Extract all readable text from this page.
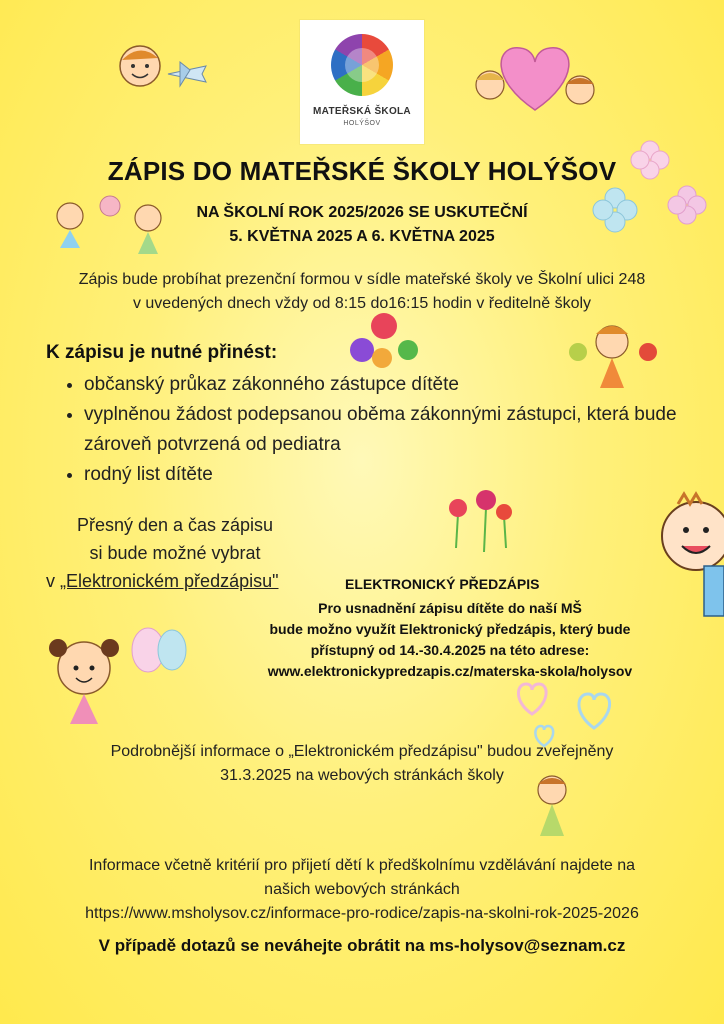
MATEŘSKÁ ŠKOLA
HOLÝŠOV
ZÁPIS DO MATEŘSKÉ ŠKOLY HOLÝŠOV
NA ŠKOLNÍ ROK 2025/2026 SE USKUTEČNÍ
5. KVĚTNA 2025 A 6. KVĚTNA 2025
Zápis bude probíhat prezenční formou v sídle mateřské školy ve Školní ulici 248
v uvedených dnech vždy od 8:15 do16:15 hodin v ředitelně školy
K zápisu je nutné přinést:
• občanský průkaz zákonného zástupce dítěte
• vyplněnou žádost podepsanou oběma zákonnými zástupci, která bude zároveň potvrzená od pediatra
• rodný list dítěte
Přesný den a čas zápisu
si bude možné vybrat
v „Elektronickém předzápisu"	ELEKTRONICKÝ PŘEDZÁPIS
Pro usnadnění zápisu dítěte do naší MŠ
bude možno využít Elektronický předzápis, který bude
přístupný od 14.-30.4.2025 na této adrese:
www.elektronickypredzapis.cz/materska-skola/holysov
Podrobnější informace o „Elektronickém předzápisu" budou zveřejněny
31.3.2025 na webových stránkách školy
Informace včetně kritérií pro přijetí dětí k předškolnímu vzdělávání najdete na
našich webových stránkách
https://www.msholysov.cz/informace-pro-rodice/zapis-na-skolni-rok-2025-2026
V případě dotazů se neváhejte obrátit na ms-holysov@seznam.cz
